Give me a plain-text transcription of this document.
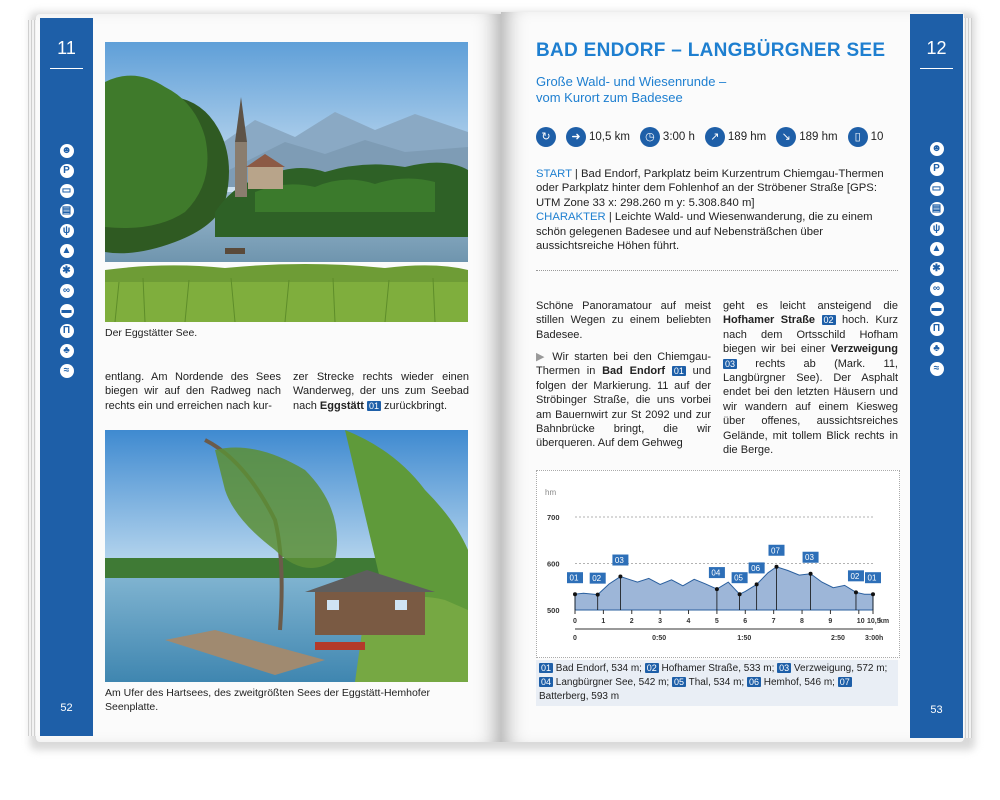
11
☻
P
▭
▤
ψ
▲
✱
∞
▬
Π
♣
≈
52
Der Eggstätter See.
entlang. Am Nordende des Sees biegen wir auf den Radweg nach rechts ein und erreichen nach kur-
zer Strecke rechts wieder einen Wanderweg, der uns zum Seebad nach Eggstätt 01 zurückbringt.
Am Ufer des Hartsees, des zweitgrößten Sees der Eggstätt-Hemhofer Seenplatte.
12
☻
P
▭
▤
ψ
▲
✱
∞
▬
Π
♣
≈
53
BAD ENDORF – LANGBÜRGNER SEE
Große Wald- und Wiesenrunde –
vom Kurort zum Badesee
↻	➜ 10,5 km	◷ 3:00 h	↗ 189 hm	↘ 189 hm	▯ 10
START | Bad Endorf, Parkplatz beim Kurzentrum Chiemgau-Thermen oder Parkplatz hinter dem Fohlenhof an der Ströbener Straße [GPS: UTM Zone 33 x: 298.260 m y: 5.308.840 m]
CHARAKTER | Leichte Wald- und Wiesenwanderung, die zu einem schön gelegenen Badesee und auf Nebensträßchen über aussichtsreiche Höhen führt.
Schöne Panoramatour auf meist stillen Wegen zu einem beliebten Badesee.
▶ Wir starten bei den Chiemgau-Thermen in Bad Endorf 01 und folgen der Markierung. 11 auf der Ströbinger Straße, die uns vorbei am Bauernwirt zur St 2092 und zur Bahnbrücke bringt, die wir überqueren. Auf dem Gehweg
geht es leicht ansteigend die Hofhamer Straße 02 hoch. Kurz nach dem Ortsschild Hofham biegen wir bei einer Verzweigung 03 rechts ab (Mark. 11, Langbürgner See). Der Asphalt endet bei den letzten Häusern und wir wandern auf einem Kiesweg über offenes, aussichtsreiches Gelände, mit tollem Blick rechts in die Berge.
hm
km
h
500
600
700
0	1	2	3	4	5	6	7	8	9	10 10,5
0	0:50	1:50	2:50	3:00
01 02
03
04
05
06
07
03
02 01
01 Bad Endorf, 534 m; 02 Hofhamer Straße, 533 m; 03 Verzweigung, 572 m; 04 Langbürgner See, 542 m; 05 Thal, 534 m; 06 Hemhof, 546 m; 07 Batterberg, 593 m
